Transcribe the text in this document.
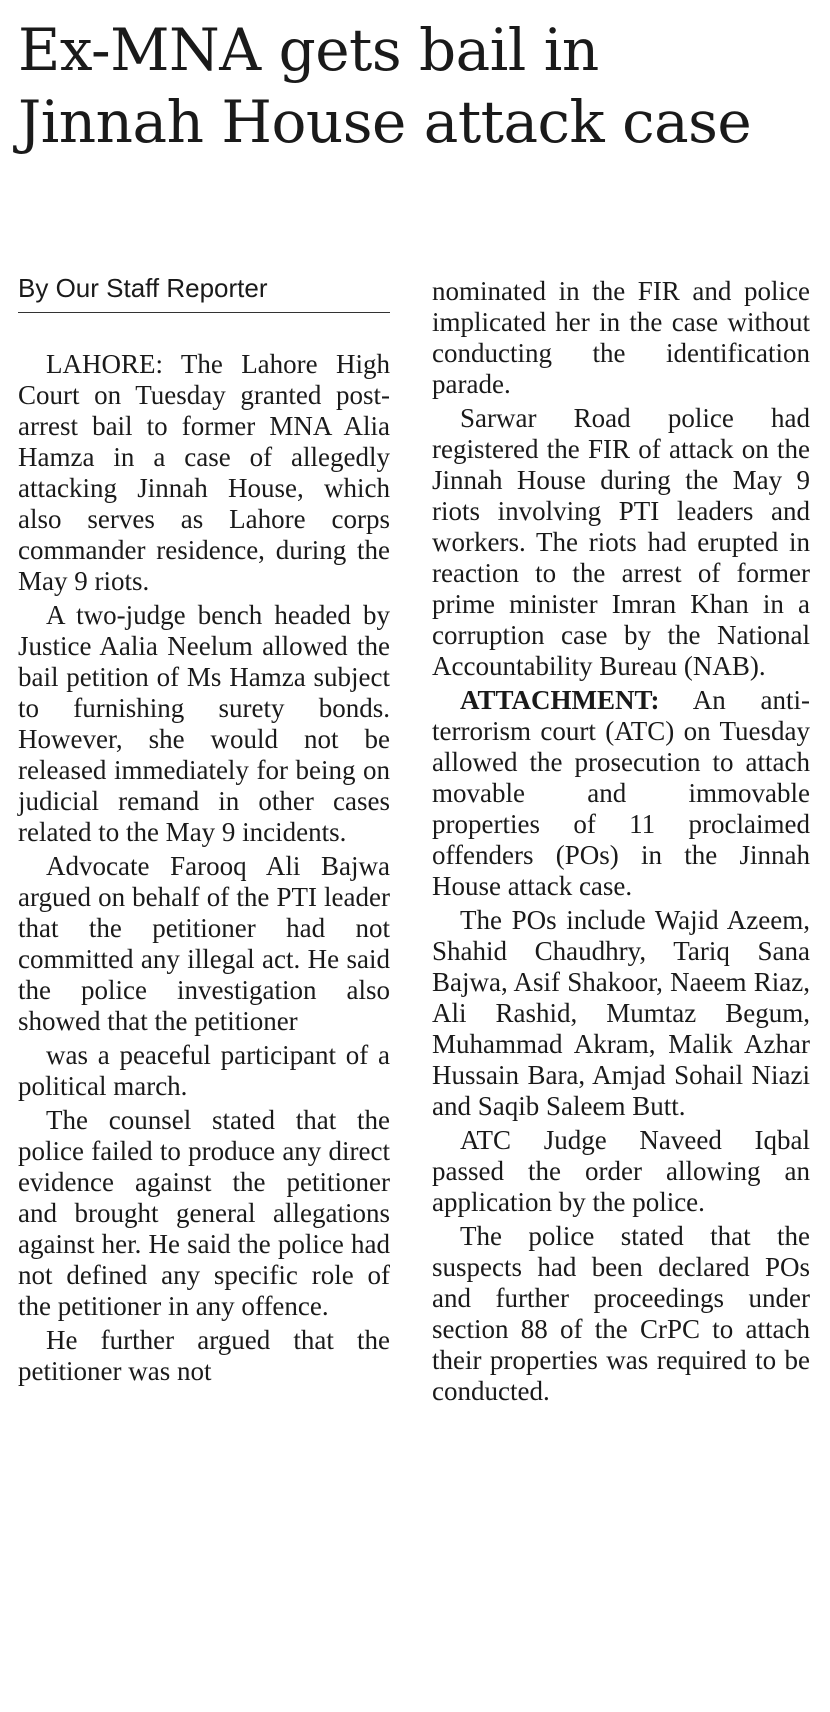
Ex-MNA gets bail in Jinnah House attack case
By Our Staff Reporter

LAHORE: The Lahore High Court on Tuesday granted post-arrest bail to former MNA Alia Hamza in a case of allegedly attacking Jinnah House, which also serves as Lahore corps commander residence, during the May 9 riots.

A two-judge bench headed by Justice Aalia Neelum allowed the bail petition of Ms Hamza subject to furnishing surety bonds. However, she would not be released immediately for being on judicial remand in other cases related to the May 9 incidents.

Advocate Farooq Ali Bajwa argued on behalf of the PTI leader that the petitioner had not committed any illegal act. He said the police investigation also showed that the petitioner

was a peaceful participant of a political march.

The counsel stated that the police failed to produce any direct evidence against the petitioner and brought general allegations against her. He said the police had not defined any specific role of the petitioner in any offence.

He further argued that the petitioner was not

nominated in the FIR and police implicated her in the case without conducting the identification parade.

Sarwar Road police had registered the FIR of attack on the Jinnah House during the May 9 riots involving PTI leaders and workers. The riots had erupted in reaction to the arrest of former prime minister Imran Khan in a corruption case by the National Accountability Bureau (NAB).

ATTACHMENT: An anti-terrorism court (ATC) on Tuesday allowed the prosecution to attach movable and immovable properties of 11 proclaimed offenders (POs) in the Jinnah House attack case.

The POs include Wajid Azeem, Shahid Chaudhry, Tariq Sana Bajwa, Asif Shakoor, Naeem Riaz, Ali Rashid, Mumtaz Begum, Muhammad Akram, Malik Azhar Hussain Bara, Amjad Sohail Niazi and Saqib Saleem Butt.

ATC Judge Naveed Iqbal passed the order allowing an application by the police.

The police stated that the suspects had been declared POs and further proceedings under section 88 of the CrPC to attach their properties was required to be conducted.
